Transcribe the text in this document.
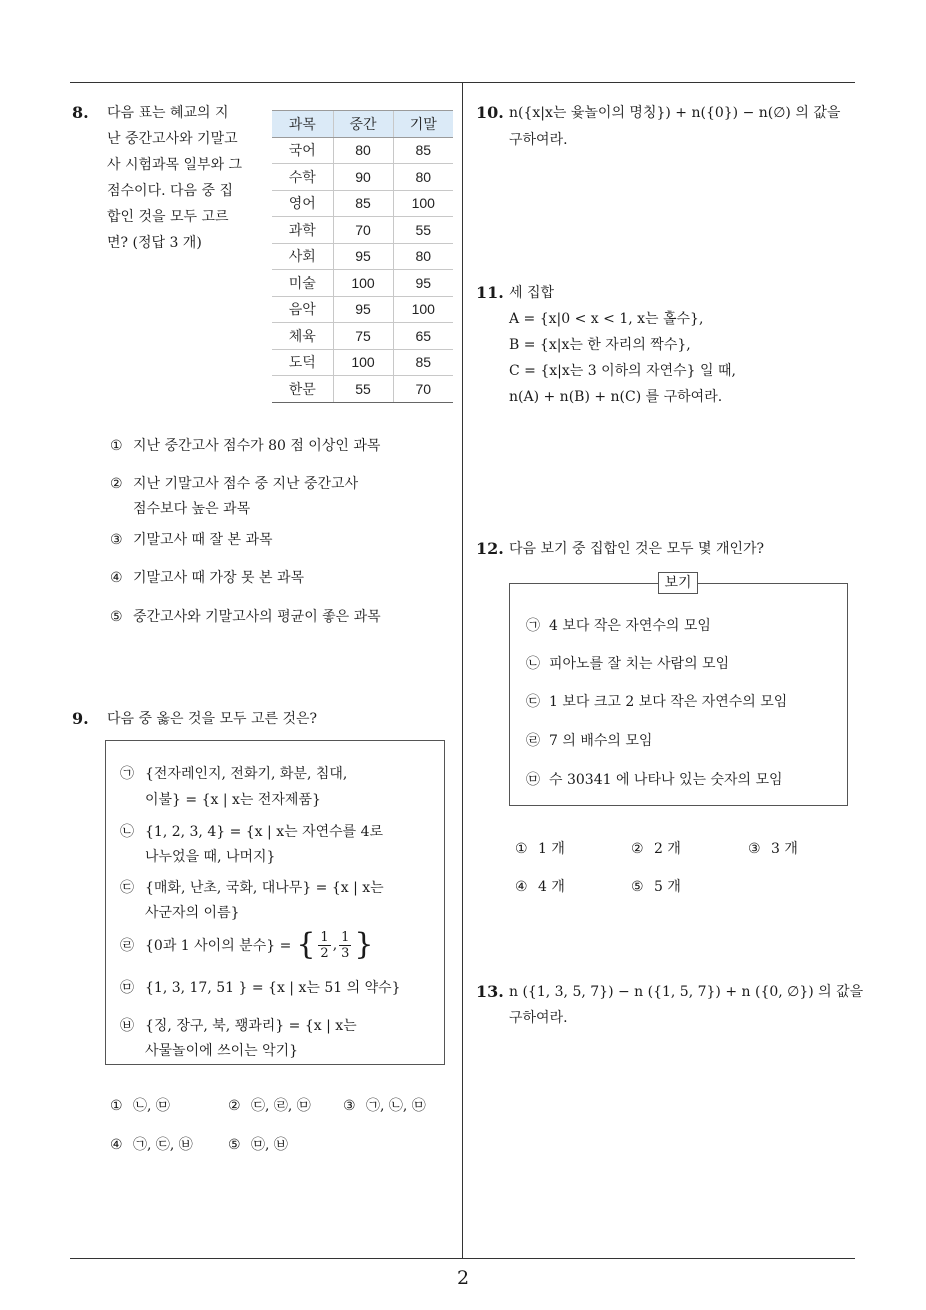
8. 다음 표는 혜교의 지
난 중간고사와 기말고
사 시험과목 일부와 그
점수이다. 다음 중 집
합인 것을 모두 고르
면? (정답 3 개)
과목	중간	기말
국어	80	85
수학	90	80
영어	85	100
과학	70	55
사회	95	80
미술	100	95
음악	95	100
체육	75	65
도덕	100	85
한문	55	70
① 지난 중간고사 점수가 80 점 이상인 과목
② 지난 기말고사 점수 중 지난 중간고사
점수보다 높은 과목
③ 기말고사 때 잘 본 과목
④ 기말고사 때 가장 못 본 과목
⑤ 중간고사와 기말고사의 평균이 좋은 과목
9. 다음 중 옳은 것을 모두 고른 것은?
㉠ {전자레인지, 전화기, 화분, 침대,
이불} = {x | x는 전자제품}
㉡ {1, 2, 3, 4} = {x | x는 자연수를 4로
나누었을 때, 나머지}
㉢ {매화, 난초, 국화, 대나무} = {x | x는
사군자의 이름}
㉣ {0과 1 사이의 분수} = { $\frac{1}{2}$ , $\frac{1}{3}$ }
㉤ {1, 3, 17, 51 } = {x | x는 51 의 약수}
㉥ {징, 장구, 북, 꽹과리} = {x | x는
사물놀이에 쓰이는 악기}
① ㉡, ㉤	② ㉢, ㉣, ㉤ ③ ㉠, ㉡, ㉤
④ ㉠, ㉢, ㉥	⑤ ㉤, ㉥
10. n({x|x는 윷놀이의 명칭}) + n({0}) − n(∅) 의 값을
구하여라.
11. 세 집합
A = {x|0 < x < 1, x는 홀수},
B = {x|x는 한 자리의 짝수},
C = {x|x는 3 이하의 자연수} 일 때,
n(A) + n(B) + n(C) 를 구하여라.
12. 다음 보기 중 집합인 것은 모두 몇 개인가?
보기
㉠ 4 보다 작은 자연수의 모임
㉡ 피아노를 잘 치는 사람의 모임
㉢ 1 보다 크고 2 보다 작은 자연수의 모임
㉣ 7 의 배수의 모임
㉤ 수 30341 에 나타나 있는 숫자의 모임
① 1 개	② 2 개	③ 3 개
④ 4 개	⑤ 5 개
13. n ({1, 3, 5, 7}) − n ({1, 5, 7}) + n ({0, ∅}) 의 값을
구하여라.
2
